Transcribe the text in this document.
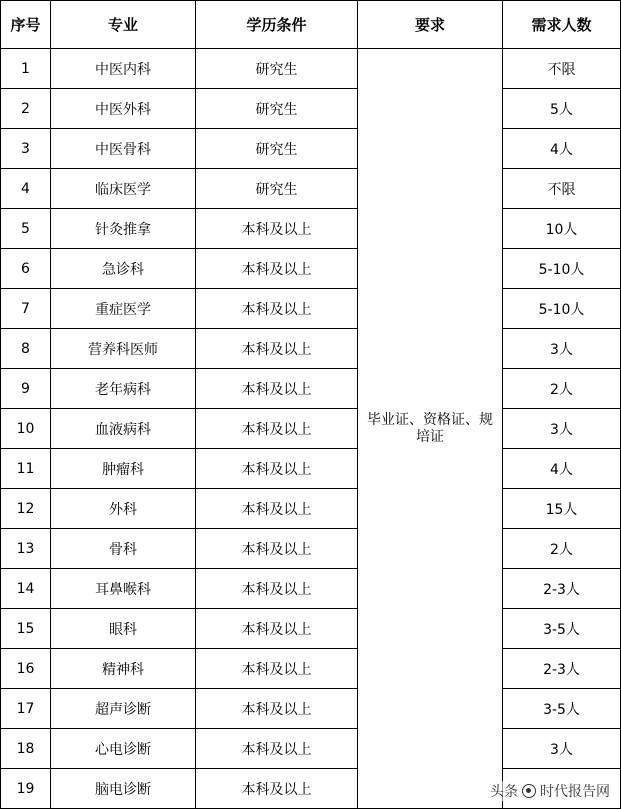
序号	专业	学历条件	要求	需求人数
1	中医内科	研究生	毕业证、资格证、规培证	不限
2	中医外科	研究生		5人
3	中医骨科	研究生		4人
4	临床医学	研究生		不限
5	针灸推拿	本科及以上		10人
6	急诊科	本科及以上		5-10人
7	重症医学	本科及以上		5-10人
8	营养科医师	本科及以上		3人
9	老年病科	本科及以上		2人
10	血液病科	本科及以上		3人
11	肿瘤科	本科及以上		4人
12	外科	本科及以上		15人
13	骨科	本科及以上		2人
14	耳鼻喉科	本科及以上		2-3人
15	眼科	本科及以上		3-5人
16	精神科	本科及以上		2-3人
17	超声诊断	本科及以上		3-5人
18	心电诊断	本科及以上		3人
19	脑电诊断	本科及以上			头条 时代报告网
